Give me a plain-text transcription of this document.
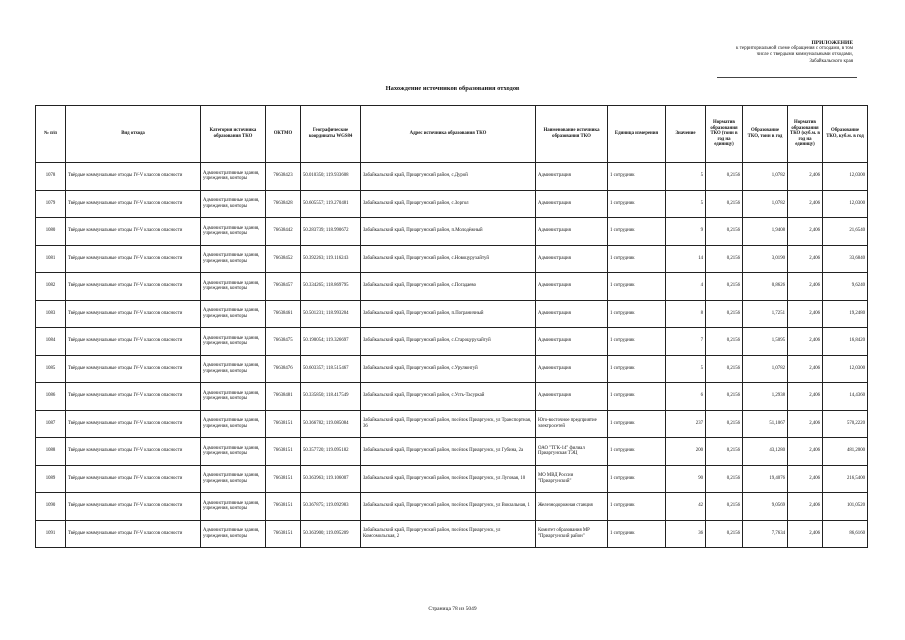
ПРИЛОЖЕНИЕ
к территориальной схеме обращения с отходами, в том
числе с твердыми коммунальными отходами,
Забайкальского края
Нахождение источников образования отходов
№ п/п	Вид отхода	Категория источника образования ТКО	ОКТМО	Географические координаты WGS84	Адрес источника образования ТКО	Наименование источника образования ТКО	Единица измерения	Значение	Норматив образования ТКО (тонн в год на единицу)	Образование ТКО, тонн в год	Норматив образования ТКО (куб.м. в год на единицу)	Образование ТКО, куб.м. в год
1078	Твёрдые коммунальные отходы IV-V классов опасности	Административные здания, учреждения, конторы	76638423	50.010350; 119.933608	Забайкальский край, Приаргунский район, с.Дурой	Администрация	1 сотрудник	5	0,2156	1,0782	2,406	12,0300
1079	Твёрдые коммунальные отходы IV-V классов опасности	Административные здания, учреждения, конторы	76638428	50.605557; 119.270481	Забайкальский край, Приаргунский район, с.Зоргол	Администрация	1 сотрудник	5	0,2156	1,0782	2,406	12,0300
1080	Твёрдые коммунальные отходы IV-V классов опасности	Административные здания, учреждения, конторы	76638442	50.283739; 118.990672	Забайкальский край, Приаргунский район, п.Молодёжный	Администрация	1 сотрудник	9	0,2156	1,9408	2,406	21,6540
1081	Твёрдые коммунальные отходы IV-V классов опасности	Административные здания, учреждения, конторы	76638452	50.392263; 119.116243	Забайкальский край, Приаргунский район, с.Новоцурухайтуй	Администрация	1 сотрудник	14	0,2156	3,0190	2,406	33,6840
1082	Твёрдые коммунальные отходы IV-V классов опасности	Административные здания, учреждения, конторы	76638457	50.334265; 118.869795	Забайкальский край, Приаргунский район, с.Погадаево	Администрация	1 сотрудник	4	0,2156	0,8626	2,406	9,6240
1083	Твёрдые коммунальные отходы IV-V классов опасности	Административные здания, учреждения, конторы	76638461	50.501231; 118.993204	Забайкальский край, Приаргунский район, п.Пограничный	Администрация	1 сотрудник	8	0,2156	1,7251	2,406	19,2480
1084	Твёрдые коммунальные отходы IV-V классов опасности	Административные здания, учреждения, конторы	76638475	50.190054; 119.326697	Забайкальский край, Приаргунский район, с.Староцурухайтуй	Администрация	1 сотрудник	7	0,2156	1,5095	2,406	16,8420
1085	Твёрдые коммунальные отходы IV-V классов опасности	Административные здания, учреждения, конторы	76638476	50.603357; 118.515467	Забайкальский край, Приаргунский район, с.Урулюнгуй	Администрация	1 сотрудник	5	0,2156	1,0782	2,406	12,0300
1086	Твёрдые коммунальные отходы IV-V классов опасности	Административные здания, учреждения, конторы	76638481	50.335850; 118.417549	Забайкальский край, Приаргунский район, с.Усть-Тасуркай	Администрация	1 сотрудник	6	0,2156	1,2938	2,406	14,4360
1087	Твёрдые коммунальные отходы IV-V классов опасности	Административные здания, учреждения, конторы	76638151	50.366782; 119.085084	Забайкальский край, Приаргунский район, посёлок Приаргунск, ул Транспортная, 36	Юго-восточное предприятие электросетей	1 сотрудник	237	0,2156	51,1067	2,406	570,2220
1088	Твёрдые коммунальные отходы IV-V классов опасности	Административные здания, учреждения, конторы	76638151	50.357720; 119.095182	Забайкальский край, Приаргунский район, посёлок Приаргунск, ул Губина, 2а	ОАО "ТГК-14" филиал Приаргунская ТЭЦ	1 сотрудник	200	0,2156	43,1280	2,406	481,2000
1089	Твёрдые коммунальные отходы IV-V классов опасности	Административные здания, учреждения, конторы	76638151	50.363963; 119.106007	Забайкальский край, Приаргунский район, посёлок Приаргунск, ул Луговая, 10	МО МВД России "Приаргунский"	1 сотрудник	90	0,2156	19,4076	2,406	216,5400
1090	Твёрдые коммунальные отходы IV-V классов опасности	Административные здания, учреждения, конторы	76638151	50.367875; 119.092983	Забайкальский край, Приаргунский район, посёлок Приаргунск, ул Вокзальная, 1	Железнодорожная станция	1 сотрудник	42	0,2156	9,0569	2,406	101,0520
1091	Твёрдые коммунальные отходы IV-V классов опасности	Административные здания, учреждения, конторы	76638151	50.363900; 119.095209	Забайкальский край, Приаргунский район, посёлок Приаргунск, ул Комсомольская, 2	Комитет образования МР "Приаргунский район"	1 сотрудник	36	0,2156	7,7634	2,406	86,6160
Страница 78 из 5049
